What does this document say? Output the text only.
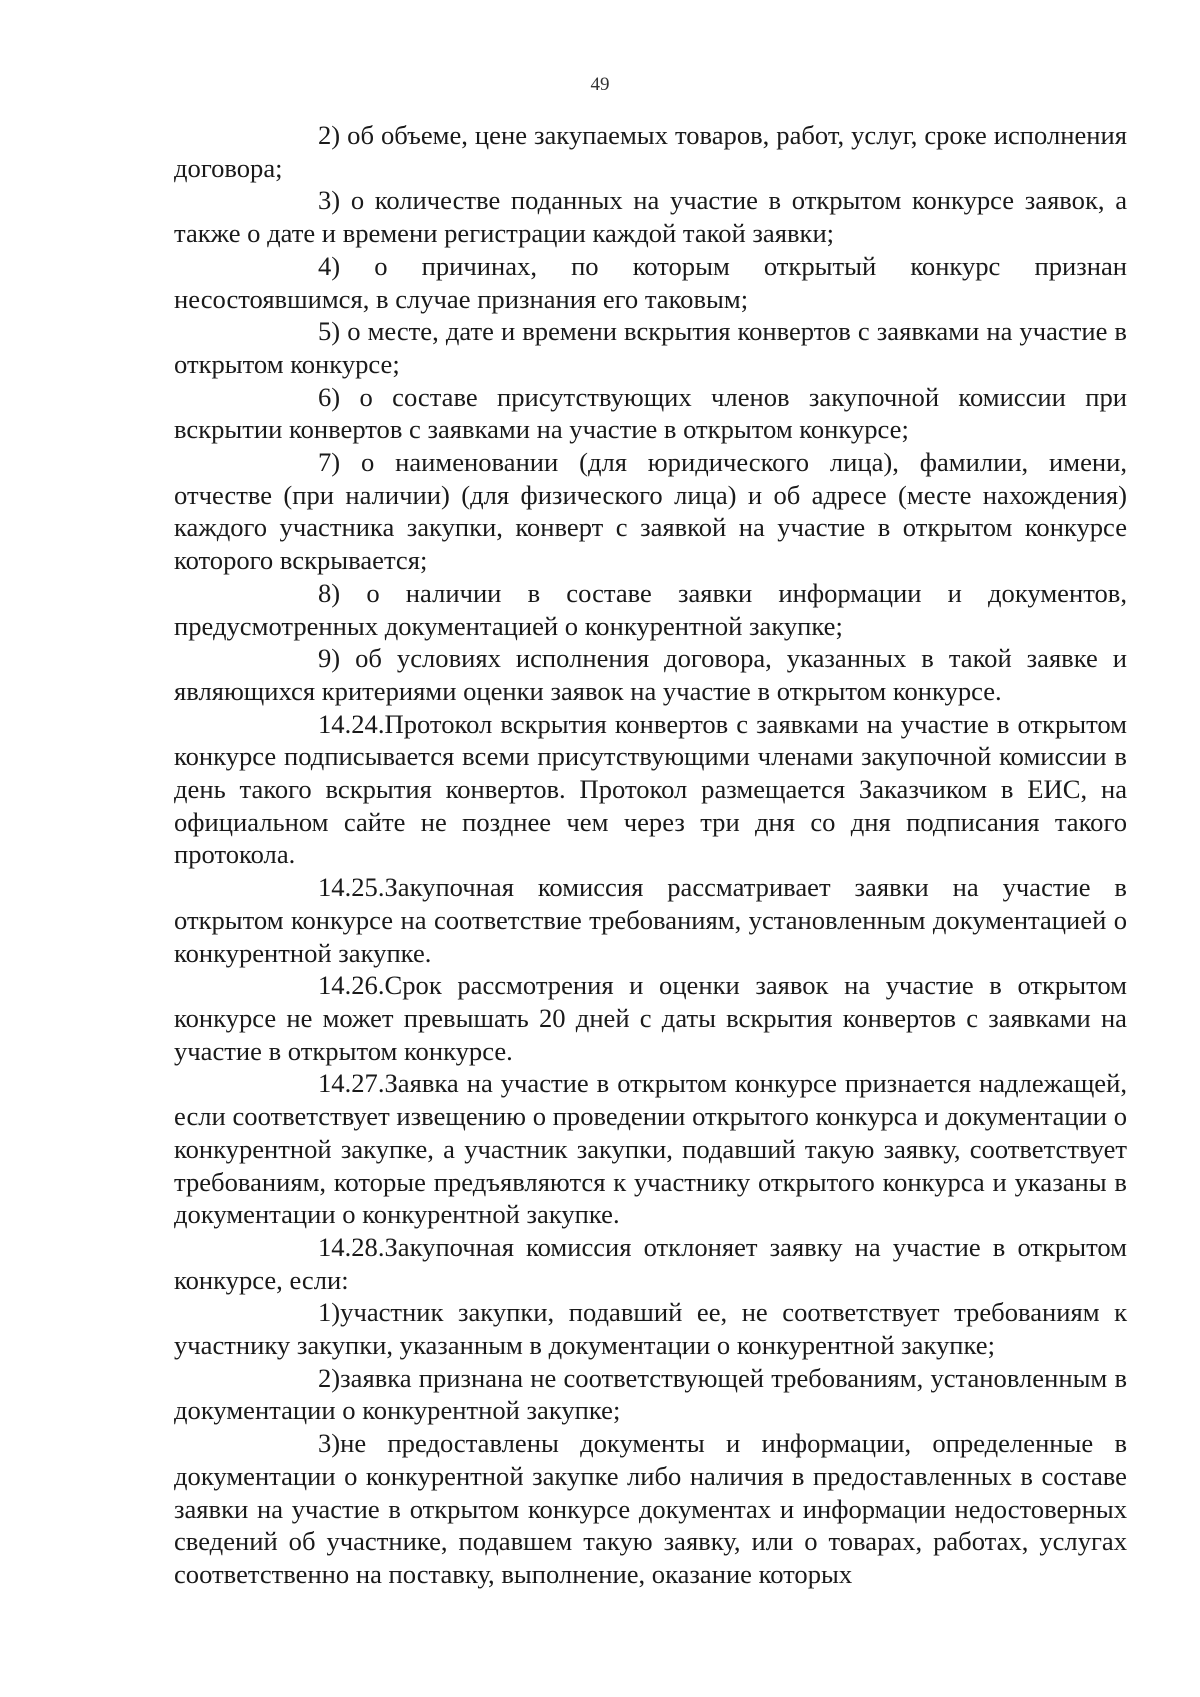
49

2) об объеме, цене закупаемых товаров, работ, услуг, сроке исполнения договора;

3) о количестве поданных на участие в открытом конкурсе заявок, а также о дате и времени регистрации каждой такой заявки;

4) о причинах, по которым открытый конкурс признан несостоявшимся, в случае признания его таковым;

5) о месте, дате и времени вскрытия конвертов с заявками на участие в открытом конкурсе;

6) о составе присутствующих членов закупочной комиссии при вскрытии конвертов с заявками на участие в открытом конкурсе;

7) о наименовании (для юридического лица), фамилии, имени, отчестве (при наличии) (для физического лица) и об адресе (месте нахождения) каждого участника закупки, конверт с заявкой на участие в открытом конкурсе которого вскрывается;

8) о наличии в составе заявки информации и документов, предусмотренных документацией о конкурентной закупке;

9) об условиях исполнения договора, указанных в такой заявке и являющихся критериями оценки заявок на участие в открытом конкурсе.

14.24.Протокол вскрытия конвертов с заявками на участие в открытом конкурсе подписывается всеми присутствующими членами закупочной комиссии в день такого вскрытия конвертов. Протокол размещается Заказчиком в ЕИС, на официальном сайте не позднее чем через три дня со дня подписания такого протокола.

14.25.Закупочная комиссия рассматривает заявки на участие в открытом конкурсе на соответствие требованиям, установленным документацией о конкурентной закупке.

14.26.Срок рассмотрения и оценки заявок на участие в открытом конкурсе не может превышать 20 дней с даты вскрытия конвертов с заявками на участие в открытом конкурсе.

14.27.Заявка на участие в открытом конкурсе признается надлежащей, если соответствует извещению о проведении открытого конкурса и документации о конкурентной закупке, а участник закупки, подавший такую заявку, соответствует требованиям, которые предъявляются к участнику открытого конкурса и указаны в документации о конкурентной закупке.

14.28.Закупочная комиссия отклоняет заявку на участие в открытом конкурсе, если:

1)участник закупки, подавший ее, не соответствует требованиям к участнику закупки, указанным в документации о конкурентной закупке;

2)заявка признана не соответствующей требованиям, установленным в документации о конкурентной закупке;

3)не предоставлены документы и информации, определенные в документации о конкурентной закупке либо наличия в предоставленных в составе заявки на участие в открытом конкурсе документах и информации недостоверных сведений об участнике, подавшем такую заявку, или о товарах, работах, услугах соответственно на поставку, выполнение, оказание которых
